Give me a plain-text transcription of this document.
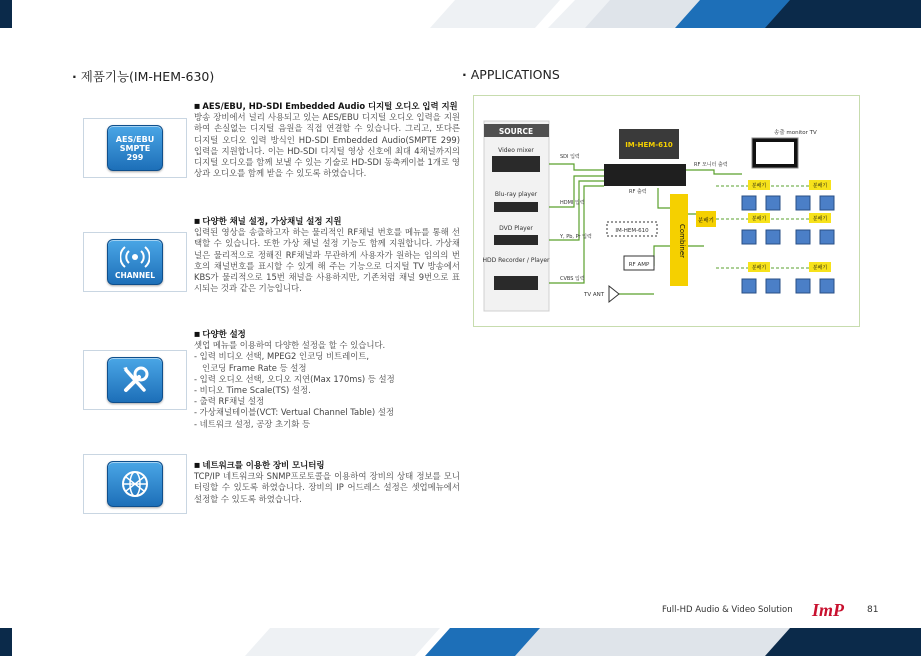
· 제품기능(IM-HEM-630)	· APPLICATIONS
AES/EBU
SMPTE
299
■ AES/EBU, HD-SDI Embedded Audio 디지털 오디오 입력 지원

방송 장비에서 널리 사용되고 있는 AES/EBU 디지털 오디오 입력을 지원하여 손실없는 디지털 음원을 직접 연결할 수 있습니다. 그리고, 또다른 디지털 오디오 입력 방식인 HD-SDI Embedded Audio(SMPTE 299) 입력을 지원합니다. 이는 HD-SDI 디지털 영상 신호에 최대 4채널까지의 디지털 오디오를 함께 보낼 수 있는 기술로 HD-SDI 동축케이블 1개로 영상과 오디오를 함께 받을 수 있도록 하였습니다.

CHANNEL
■ 다양한 채널 설정, 가상채널 설정 지원

입력된 영상을 송출하고자 하는 물리적인 RF채널 번호를 메뉴를 통해 선택할 수 있습니다. 또한 가상 채널 설정 기능도 함께 지원합니다. 가상채널은 물리적으로 정해진 RF채널과 무관하게 사용자가 원하는 임의의 번호의 채널번호를 표시할 수 있게 해 주는 기능으로 디지털 TV 방송에서 KBS가 물리적으로 15번 채널을 사용하지만, 기존처럼 채널 9번으로 표시되는 것과 같은 기능입니다.

■ 다양한 설정

셋업 메뉴를 이용하여 다양한 설정을 할 수 있습니다.

- 입력 비디오 선택, MPEG2 인코딩 비트레이트,
인코딩 Frame Rate 등 설정
- 입력 오디오 선택, 오디오 지연(Max 170ms) 등 설정
- 비디오 Time Scale(TS) 설정.
- 출력 RF채널 설정
- 가상채널테이블(VCT: Vertual Channel Table) 설정
- 네트워크 설정, 공장 초기화 등
■ 네트워크를 이용한 장비 모니터링

TCP/IP 네트워크와 SNMP프로토콜을 이용하여 장비의 상태 정보를 모니터링할 수 있도록 하였습니다. 장비의 IP 어드레스 설정은 셋업메뉴에서 설정할 수 있도록 하였습니다.

SOURCE
Video mixer
Blu-ray player
DVD Player
HDD Recorder / Player
SDI 입력
HDMI 입력
Y, Pb, Pr 입력
CVBS 입력
IM-HEM-610
RF 출력
RF 모니터 출력
송출 monitor TV
IM-HEM-610	Combiner
분배기
RF AMP
TV ANT
분배기	분배기
분배기	분배기
분배기	분배기
Full-HD Audio & Video Solution ImP	81
